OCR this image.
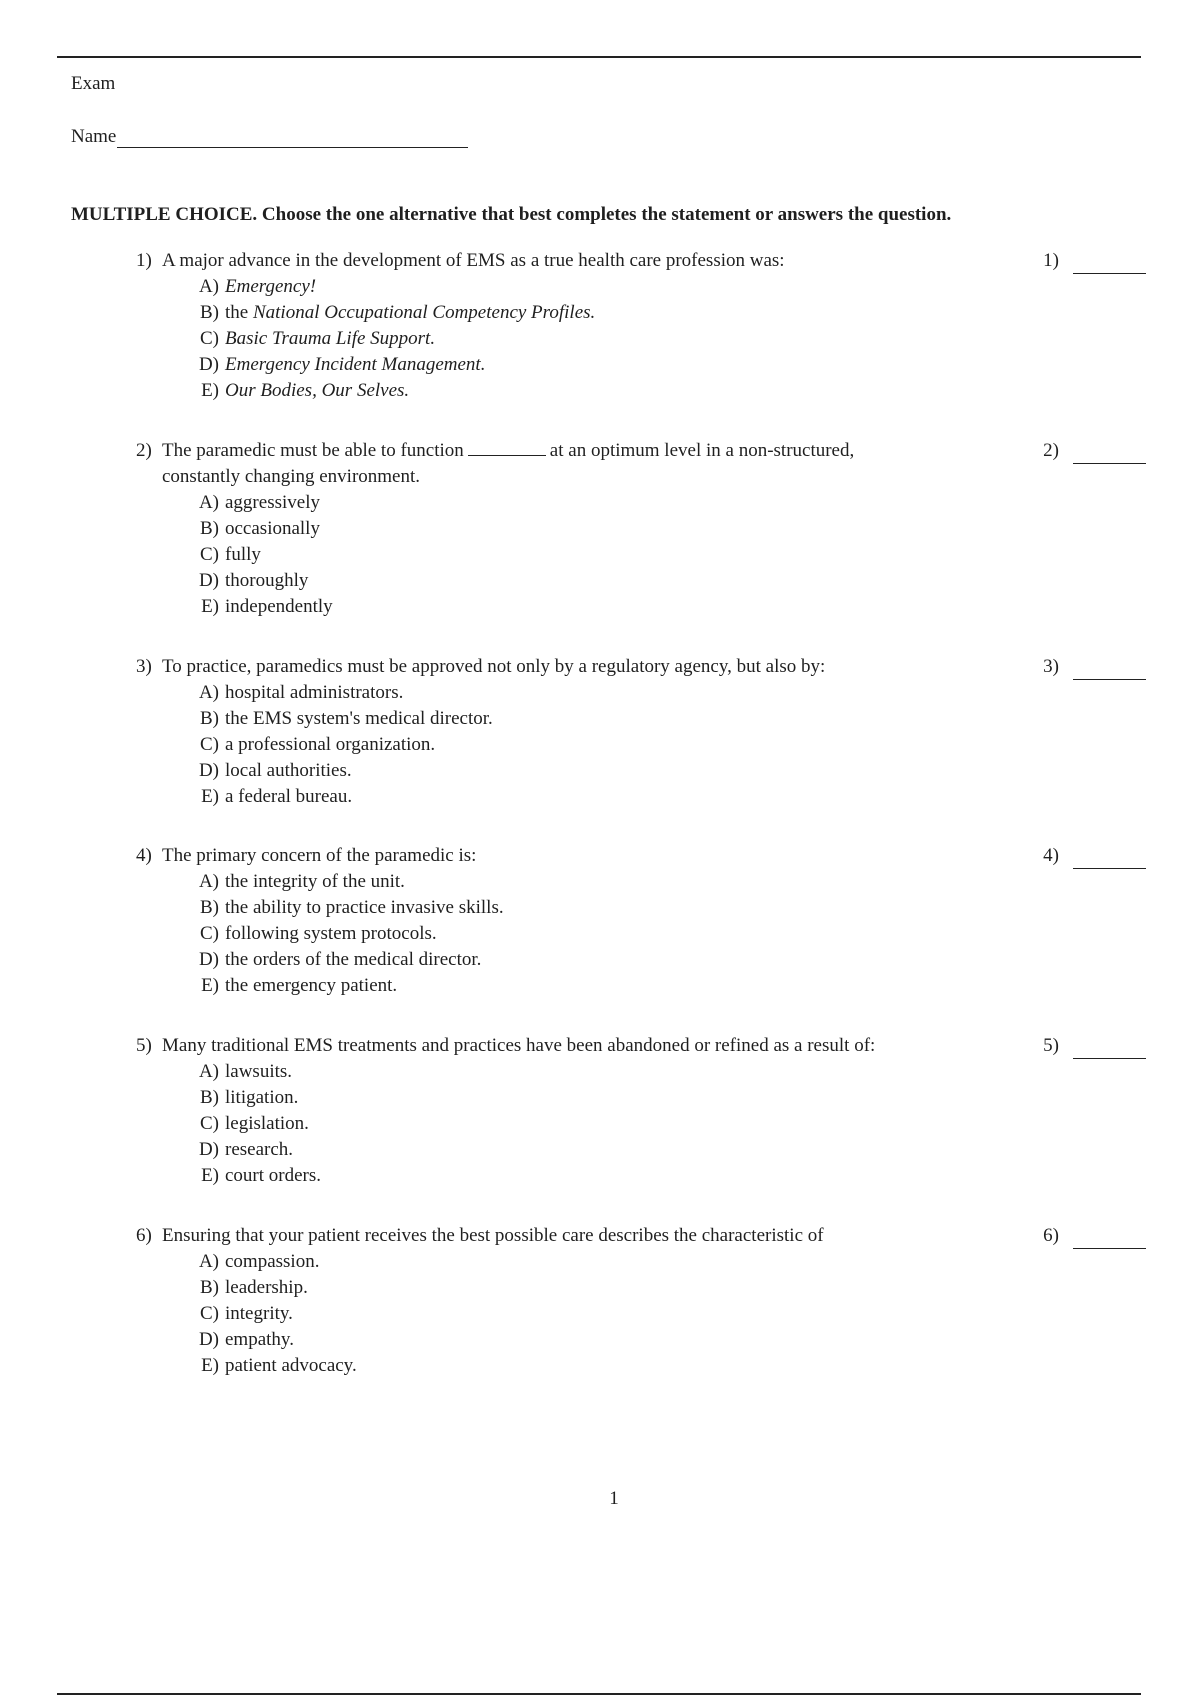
Exam
Name
MULTIPLE CHOICE. Choose the one alternative that best completes the statement or answers the question.
1) A major advance in the development of EMS as a true health care profession was:	1)
A) Emergency!
B) the National Occupational Competency Profiles.
C) Basic Trauma Life Support.
D) Emergency Incident Management.
E) Our Bodies, Our Selves.
2) The paramedic must be able to function	at an optimum level in a non-structured,
constantly changing environment.
2)
A) aggressively
B) occasionally
C) fully
D) thoroughly
E) independently
3) To practice, paramedics must be approved not only by a regulatory agency, but also by:	3)
A) hospital administrators.
B) the EMS system's medical director.
C) a professional organization.
D) local authorities.
E) a federal bureau.
4) The primary concern of the paramedic is:	4)
A) the integrity of the unit.
B) the ability to practice invasive skills.
C) following system protocols.
D) the orders of the medical director.
E) the emergency patient.
5) Many traditional EMS treatments and practices have been abandoned or refined as a result of:	5)
A) lawsuits.
B) litigation.
C) legislation.
D) research.
E) court orders.
6) Ensuring that your patient receives the best possible care describes the characteristic of	6)
A) compassion.
B) leadership.
C) integrity.
D) empathy.
E) patient advocacy.
1
